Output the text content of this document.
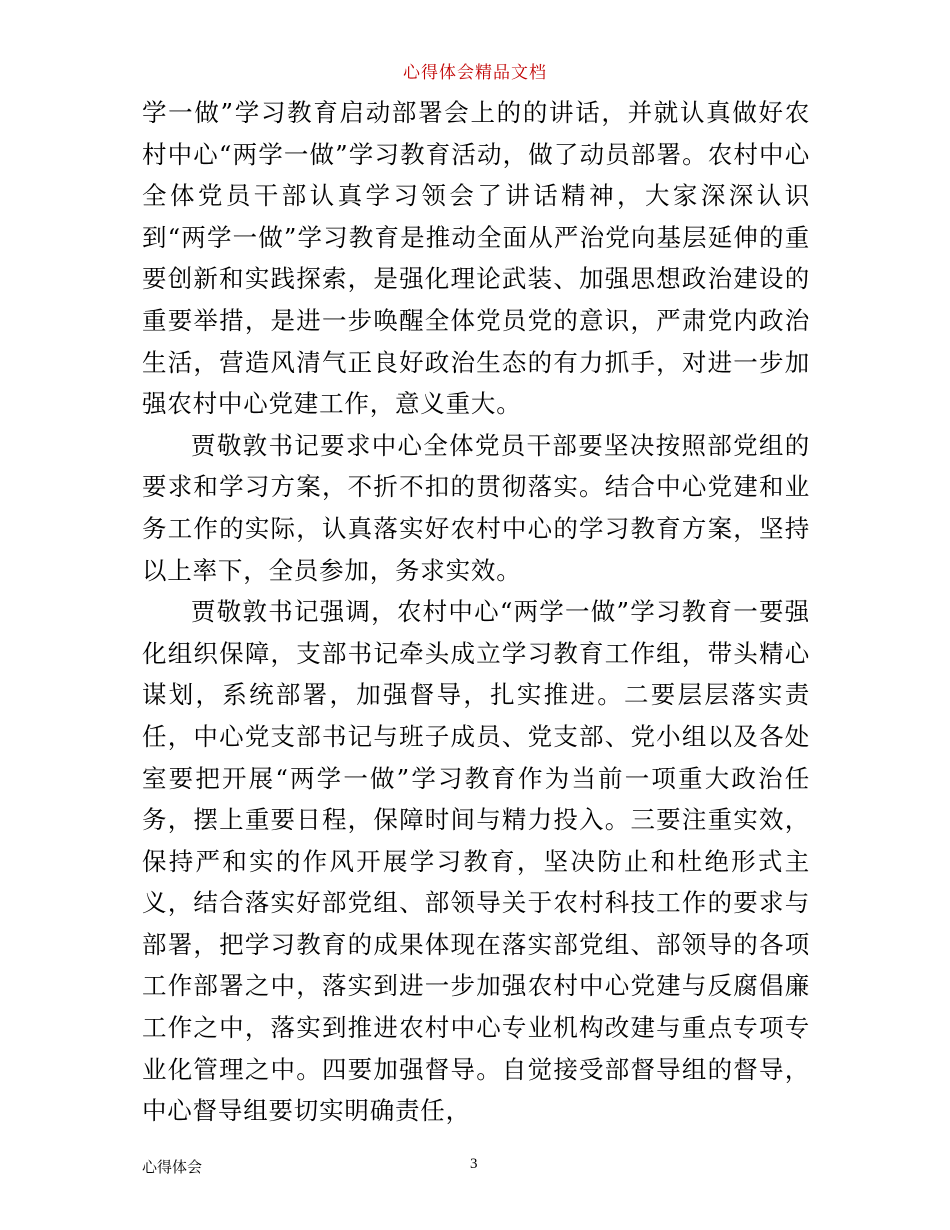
心得体会精品文档

学一做”学习教育启动部署会上的的讲话，并就认真做好农村中心“两学一做”学习教育活动，做了动员部署。农村中心全体党员干部认真学习领会了讲话精神，大家深深认识到“两学一做”学习教育是推动全面从严治党向基层延伸的重要创新和实践探索，是强化理论武装、加强思想政治建设的重要举措，是进一步唤醒全体党员党的意识，严肃党内政治生活，营造风清气正良好政治生态的有力抓手，对进一步加强农村中心党建工作，意义重大。

贾敬敦书记要求中心全体党员干部要坚决按照部党组的要求和学习方案，不折不扣的贯彻落实。结合中心党建和业务工作的实际，认真落实好农村中心的学习教育方案，坚持以上率下，全员参加，务求实效。

贾敬敦书记强调，农村中心“两学一做”学习教育一要强化组织保障，支部书记牵头成立学习教育工作组，带头精心谋划，系统部署，加强督导，扎实推进。二要层层落实责任，中心党支部书记与班子成员、党支部、党小组以及各处室要把开展“两学一做”学习教育作为当前一项重大政治任务，摆上重要日程，保障时间与精力投入。三要注重实效，保持严和实的作风开展学习教育，坚决防止和杜绝形式主义，结合落实好部党组、部领导关于农村科技工作的要求与部署，把学习教育的成果体现在落实部党组、部领导的各项工作部署之中，落实到进一步加强农村中心党建与反腐倡廉工作之中，落实到推进农村中心专业机构改建与重点专项专业化管理之中。四要加强督导。自觉接受部督导组的督导，中心督导组要切实明确责任，

心得体会	3
